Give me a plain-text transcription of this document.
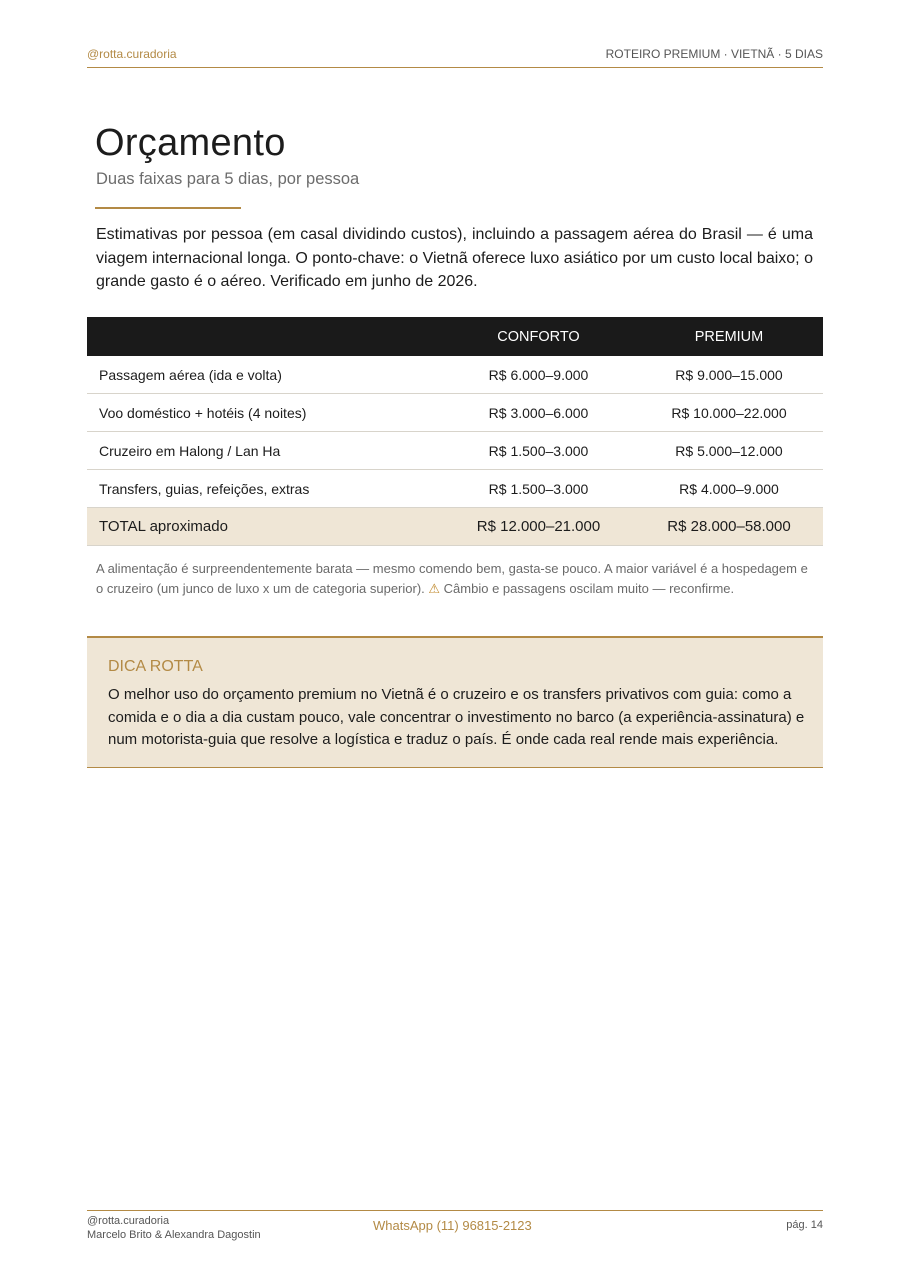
@rotta.curadoria	ROTEIRO PREMIUM · VIETNÃ · 5 DIAS
Orçamento

Duas faixas para 5 dias, por pessoa

Estimativas por pessoa (em casal dividindo custos), incluindo a passagem aérea do Brasil — é uma viagem internacional longa. O ponto-chave: o Vietnã oferece luxo asiático por um custo local baixo; o grande gasto é o aéreo. Verificado em junho de 2026.

	CONFORTO	PREMIUM
Passagem aérea (ida e volta)	R$ 6.000–9.000	R$ 9.000–15.000
Voo doméstico + hotéis (4 noites)	R$ 3.000–6.000	R$ 10.000–22.000
Cruzeiro em Halong / Lan Ha	R$ 1.500–3.000	R$ 5.000–12.000
Transfers, guias, refeições, extras	R$ 1.500–3.000	R$ 4.000–9.000
TOTAL aproximado	R$ 12.000–21.000	R$ 28.000–58.000

A alimentação é surpreendentemente barata — mesmo comendo bem, gasta-se pouco. A maior variável é a hospedagem e o cruzeiro (um junco de luxo x um de categoria superior). ⚠ Câmbio e passagens oscilam muito — reconfirme.

DICA ROTTA

O melhor uso do orçamento premium no Vietnã é o cruzeiro e os transfers privativos com guia: como a comida e o dia a dia custam pouco, vale concentrar o investimento no barco (a experiência-assinatura) e num motorista-guia que resolve a logística e traduz o país. É onde cada real rende mais experiência.

@rotta.curadoria
Marcelo Brito & Alexandra Dagostin
WhatsApp (11) 96815-2123	pág. 14
